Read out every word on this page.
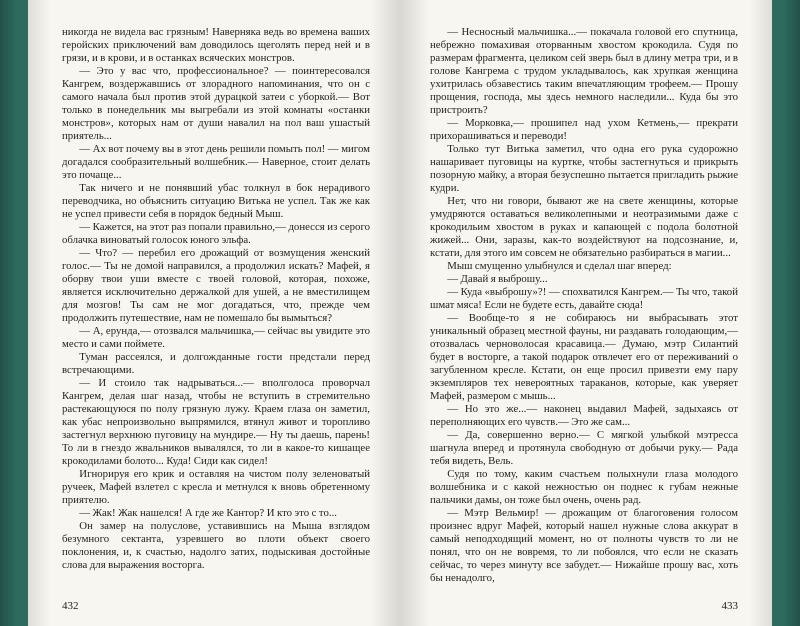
никогда не видела вас грязным! Наверняка ведь во времена ваших геройских приключений вам доводилось щеголять перед ней и в грязи, и в крови, и в останках всяческих монстров.

— Это у вас что, профессиональное? — поинтересовался Кангрем, воздержавшись от злорадного напоминания, что он с самого начала был против этой дурацкой затеи с уборкой.— Вот только в понедельник мы выгребали из этой комнаты «останки монстров», которых нам от души навалил на пол ваш ушастый приятель...

— Ах вот почему вы в этот день решили помыть пол! — мигом догадался сообразительный волшебник.— Наверное, стоит делать это почаще...

Так ничего и не понявший убас толкнул в бок нерадивого переводчика, но объяснить ситуацию Витька не успел. Так же как не успел привести себя в порядок бедный Мыш.

— Кажется, на этот раз попали правильно,— донесся из серого облачка виноватый голосок юного эльфа.

— Что? — перебил его дрожащий от возмущения женский голос.— Ты не домой направился, а продолжил искать? Мафей, я оборву твои уши вместе с твоей головой, которая, похоже, является исключительно держалкой для ушей, а не вместилищем для мозгов! Ты сам не мог догадаться, что, прежде чем продолжить путешествие, нам не помешало бы вымыться?

— А, ерунда,— отозвался мальчишка,— сейчас вы увидите это место и сами поймете.

Туман рассеялся, и долгожданные гости предстали перед встречающими.

— И стоило так надрываться...— вполголоса проворчал Кангрем, делая шаг назад, чтобы не вступить в стремительно растекающуюся по полу грязную лужу. Краем глаза он заметил, как убас непроизвольно выпрямился, втянул живот и торопливо застегнул верхнюю пуговицу на мундире.— Ну ты даешь, парень! То ли в гнездо жвальников вывалялся, то ли в какое-то кишащее крокодилами болото... Куда! Сиди как сидел!

Игнорируя его крик и оставляя на чистом полу зеленоватый ручеек, Мафей взлетел с кресла и метнулся к вновь обретенному приятелю.

— Жак! Жак нашелся! А где же Кантор? И кто это с то...

Он замер на полуслове, уставившись на Мыша взглядом безумного сектанта, узревшего во плоти объект своего поклонения, и, к счастью, надолго затих, подыскивая достойные слова для выражения восторга.

432

— Несносный мальчишка...— покачала головой его спутница, небрежно помахивая оторванным хвостом крокодила. Судя по размерам фрагмента, целиком сей зверь был в длину метра три, и в голове Кангрема с трудом укладывалось, как хрупкая женщина ухитрилась обзавестись таким впечатляющим трофеем.— Прошу прощения, господа, мы здесь немного наследили... Куда бы это пристроить?

— Морковка,— прошипел над ухом Кетмень,— прекрати прихорашиваться и переводи!

Только тут Витька заметил, что одна его рука судорожно нашаривает пуговицы на куртке, чтобы застегнуться и прикрыть позорную майку, а вторая безуспешно пытается пригладить рыжие кудри.

Нет, что ни говори, бывают же на свете женщины, которые умудряются оставаться великолепными и неотразимыми даже с крокодильим хвостом в руках и капающей с подола болотной жижей... Они, заразы, как-то воздействуют на подсознание, и, кстати, для этого им совсем не обязательно разбираться в магии...

Мыш смущенно улыбнулся и сделал шаг вперед:

— Давай я выброшу...

— Куда «выброшу»?! — спохватился Кангрем.— Ты что, такой шмат мяса! Если не будете есть, давайте сюда!

— Вообще-то я не собираюсь ни выбрасывать этот уникальный образец местной фауны, ни раздавать голодающим,— отозвалась черноволосая красавица.— Думаю, мэтр Силантий будет в восторге, а такой подарок отвлечет его от переживаний о загубленном кресле. Кстати, он еще просил привезти ему пару экземпляров тех невероятных тараканов, которые, как уверяет Мафей, размером с мышь...

— Но это же...— наконец выдавил Мафей, задыхаясь от переполняющих его чувств.— Это же сам...

— Да, совершенно верно.— С мягкой улыбкой мэтресса шагнула вперед и протянула свободную от добычи руку.— Рада тебя видеть, Вель.

Судя по тому, каким счастьем полыхнули глаза молодого волшебника и с какой нежностью он поднес к губам нежные пальчики дамы, он тоже был очень, очень рад.

— Мэтр Вельмир! — дрожащим от благоговения голосом произнес вдруг Мафей, который нашел нужные слова аккурат в самый неподходящий момент, но от полноты чувств то ли не понял, что он не вовремя, то ли побоялся, что если не сказать сейчас, то через минуту все забудет.— Нижайше прошу вас, хоть бы ненадолго,

433
